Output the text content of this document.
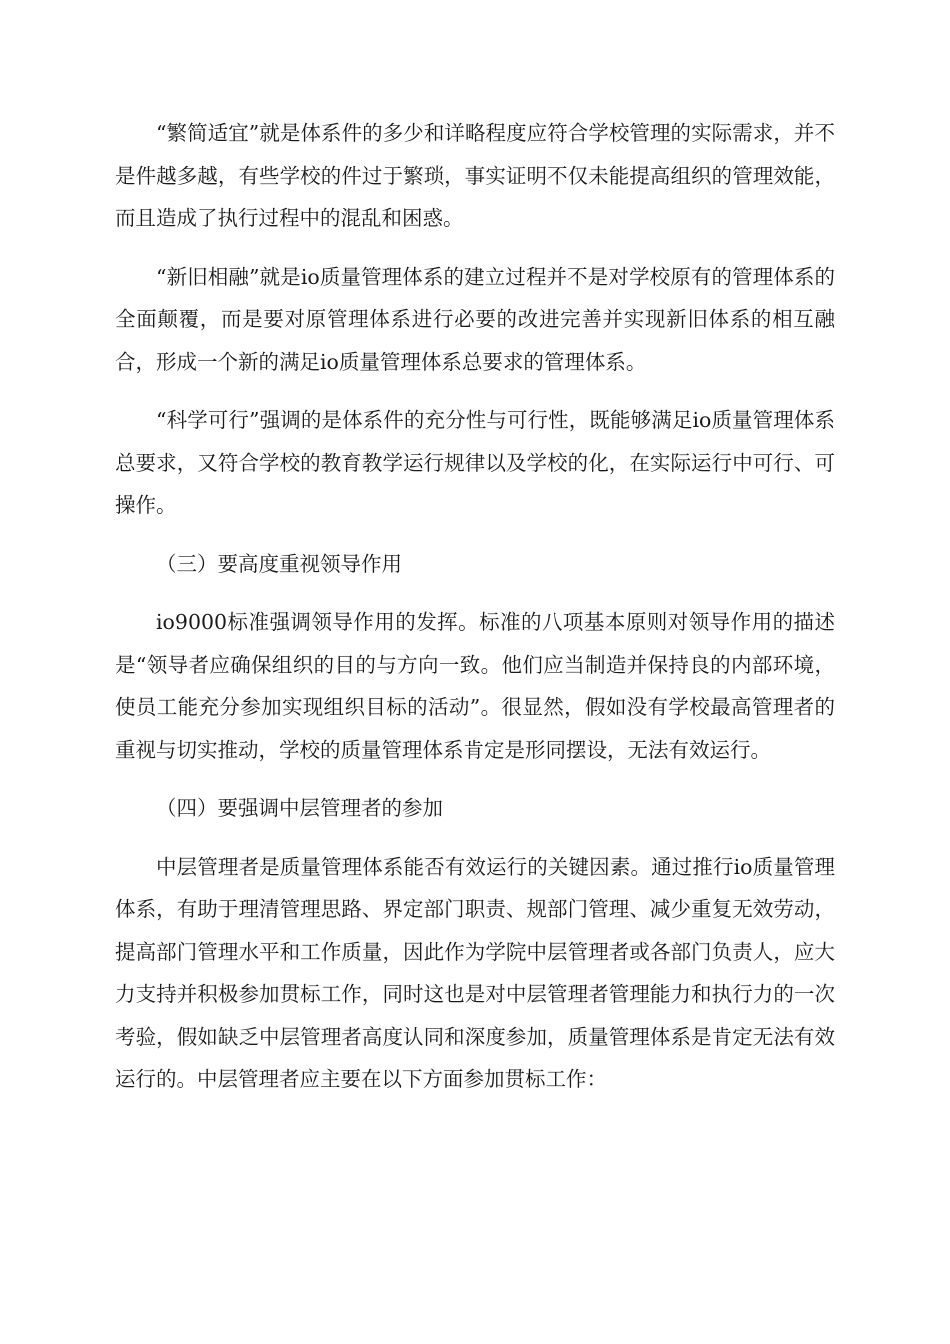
“繁简适宜”就是体系件的多少和详略程度应符合学校管理的实际需求，并不是件越多越，有些学校的件过于繁琐，事实证明不仅未能提高组织的管理效能，而且造成了执行过程中的混乱和困惑。

“新旧相融”就是io质量管理体系的建立过程并不是对学校原有的管理体系的全面颠覆，而是要对原管理体系进行必要的改进完善并实现新旧体系的相互融合，形成一个新的满足io质量管理体系总要求的管理体系。

“科学可行”强调的是体系件的充分性与可行性，既能够满足io质量管理体系总要求，又符合学校的教育教学运行规律以及学校的化，在实际运行中可行、可操作。

（三）要高度重视领导作用

io9000标准强调领导作用的发挥。标准的八项基本原则对领导作用的描述是“领导者应确保组织的目的与方向一致。他们应当制造并保持良的内部环境，使员工能充分参加实现组织目标的活动”。很显然，假如没有学校最高管理者的重视与切实推动，学校的质量管理体系肯定是形同摆设，无法有效运行。

（四）要强调中层管理者的参加

中层管理者是质量管理体系能否有效运行的关键因素。通过推行io质量管理体系，有助于理清管理思路、界定部门职责、规部门管理、减少重复无效劳动，提高部门管理水平和工作质量，因此作为学院中层管理者或各部门负责人，应大力支持并积极参加贯标工作，同时这也是对中层管理者管理能力和执行力的一次考验，假如缺乏中层管理者高度认同和深度参加，质量管理体系是肯定无法有效运行的。中层管理者应主要在以下方面参加贯标工作：
